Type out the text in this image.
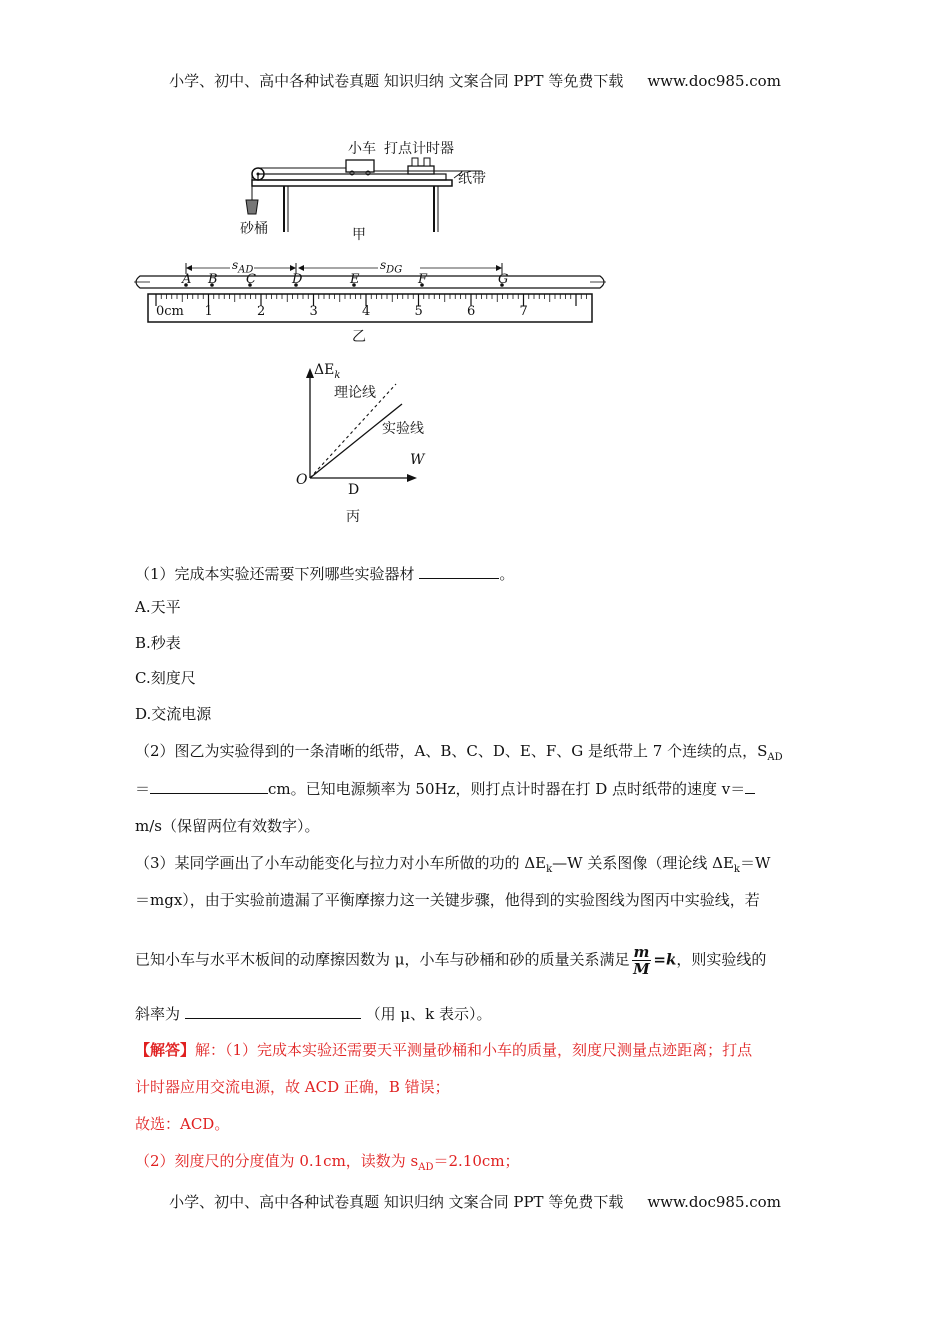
小学、初中、高中各种试卷真题 知识归纳 文案合同 PPT 等免费下载 www.doc985.com
小车 打点计时器
纸带
砂桶	甲
$s_{AD}$	$s_{DG}$
A B C	D	E	F	G
0cm 1	2	3	4	5	6	7
乙
$\Delta E_k$
理论线
实验线
W
O
D
丙
（1）完成本实验还需要下列哪些实验器材	。
A.天平
B.秒表
C.刻度尺
D.交流电源
（2）图乙为实验得到的一条清晰的纸带，A、B、C、D、E、F、G 是纸带上 7 个连续的点，$S_{AD}$
＝	cm。已知电源频率为 50Hz，则打点计时器在打 D 点时纸带的速度 v＝
m/s（保留两位有效数字）。
（3）某同学画出了小车动能变化与拉力对小车所做的功的 $\Delta E_k—W$ 关系图像（理论线 $\Delta E_k=W$
＝mgx），由于实验前遗漏了平衡摩擦力这一关键步骤，他得到的实验图线为图丙中实验线，若
已知小车与水平木板间的动摩擦因数为 μ，小车与砂桶和砂的质量关系满足 $\frac{m}{M} =k$，则实验线的
斜率为	（用 μ、k 表示）。
【解答】解：（1）完成本实验还需要天平测量砂桶和小车的质量，刻度尺测量点迹距离；打点
计时器应用交流电源，故 ACD 正确，B 错误；
故选：ACD。
（2）刻度尺的分度值为 0.1cm，读数为 $s_{AD}=2.10cm$；
小学、初中、高中各种试卷真题 知识归纳 文案合同 PPT 等免费下载 www.doc985.com
